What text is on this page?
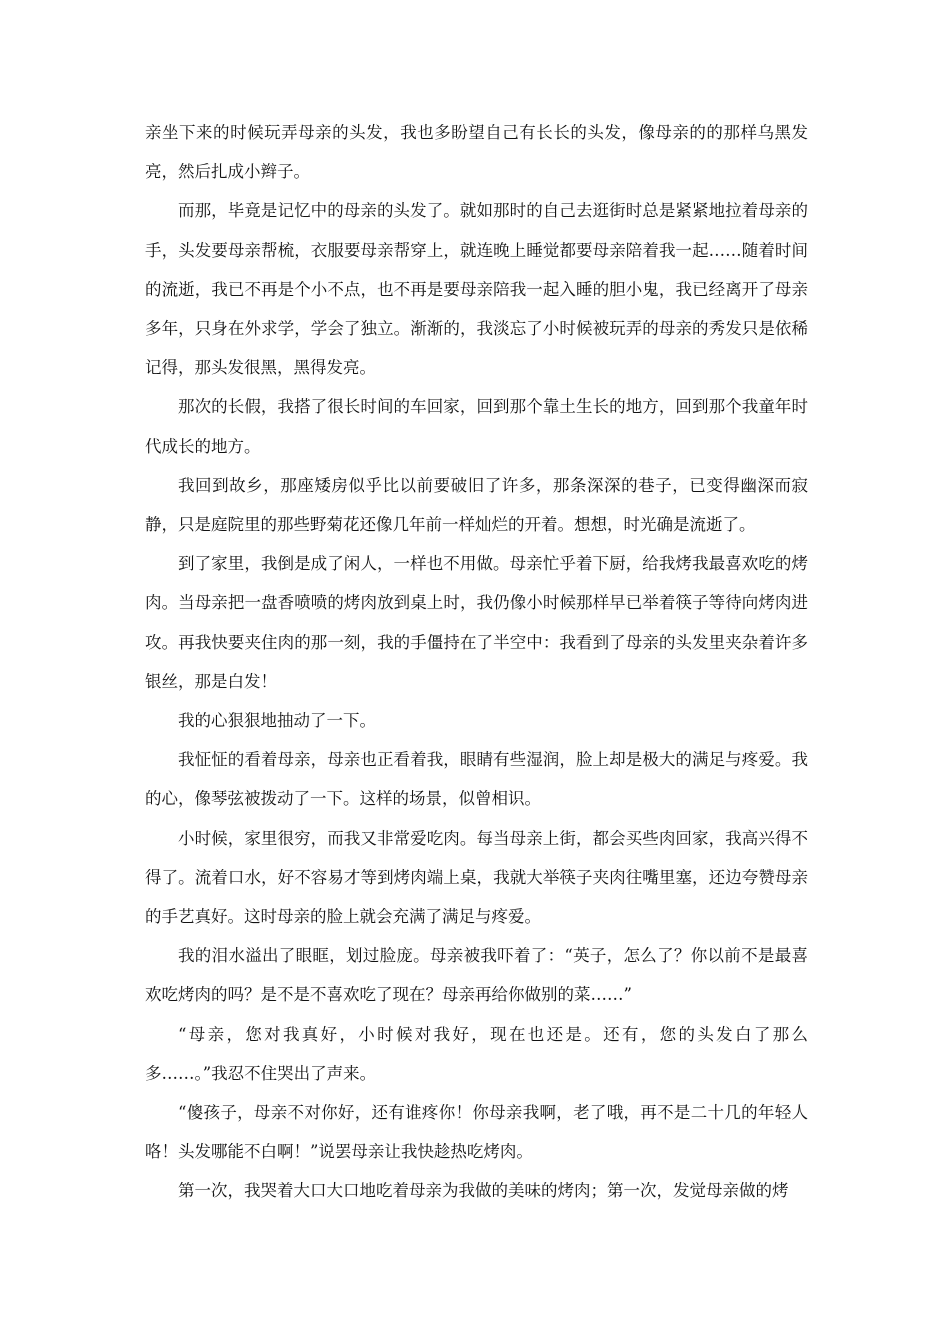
亲坐下来的时候玩弄母亲的头发，我也多盼望自己有长长的头发，像母亲的的那样乌黑发亮，然后扎成小辫子。

而那，毕竟是记忆中的母亲的头发了。就如那时的自己去逛街时总是紧紧地拉着母亲的手，头发要母亲帮梳，衣服要母亲帮穿上，就连晚上睡觉都要母亲陪着我一起……随着时间的流逝，我已不再是个小不点，也不再是要母亲陪我一起入睡的胆小鬼，我已经离开了母亲多年，只身在外求学，学会了独立。渐渐的，我淡忘了小时候被玩弄的母亲的秀发只是依稀记得，那头发很黑，黑得发亮。

那次的长假，我搭了很长时间的车回家，回到那个靠土生长的地方，回到那个我童年时代成长的地方。

我回到故乡，那座矮房似乎比以前要破旧了许多，那条深深的巷子，已变得幽深而寂静，只是庭院里的那些野菊花还像几年前一样灿烂的开着。想想，时光确是流逝了。

到了家里，我倒是成了闲人，一样也不用做。母亲忙乎着下厨，给我烤我最喜欢吃的烤肉。当母亲把一盘香喷喷的烤肉放到桌上时，我仍像小时候那样早已举着筷子等待向烤肉进攻。再我快要夹住肉的那一刻，我的手僵持在了半空中：我看到了母亲的头发里夹杂着许多银丝，那是白发！

我的心狠狠地抽动了一下。

我怔怔的看着母亲，母亲也正看着我，眼睛有些湿润，脸上却是极大的满足与疼爱。我的心，像琴弦被拨动了一下。这样的场景，似曾相识。

小时候，家里很穷，而我又非常爱吃肉。每当母亲上街，都会买些肉回家，我高兴得不得了。流着口水，好不容易才等到烤肉端上桌，我就大举筷子夹肉往嘴里塞，还边夸赞母亲的手艺真好。这时母亲的脸上就会充满了满足与疼爱。

我的泪水溢出了眼眶，划过脸庞。母亲被我吓着了：“英子，怎么了？你以前不是最喜欢吃烤肉的吗？是不是不喜欢吃了现在？母亲再给你做别的菜……”

“母亲，您对我真好，小时候对我好，现在也还是。还有，您的头发白了那么多……。”我忍不住哭出了声来。

“傻孩子，母亲不对你好，还有谁疼你！你母亲我啊，老了哦，再不是二十几的年轻人咯！头发哪能不白啊！”说罢母亲让我快趁热吃烤肉。

第一次，我哭着大口大口地吃着母亲为我做的美味的烤肉；第一次，发觉母亲做的烤
